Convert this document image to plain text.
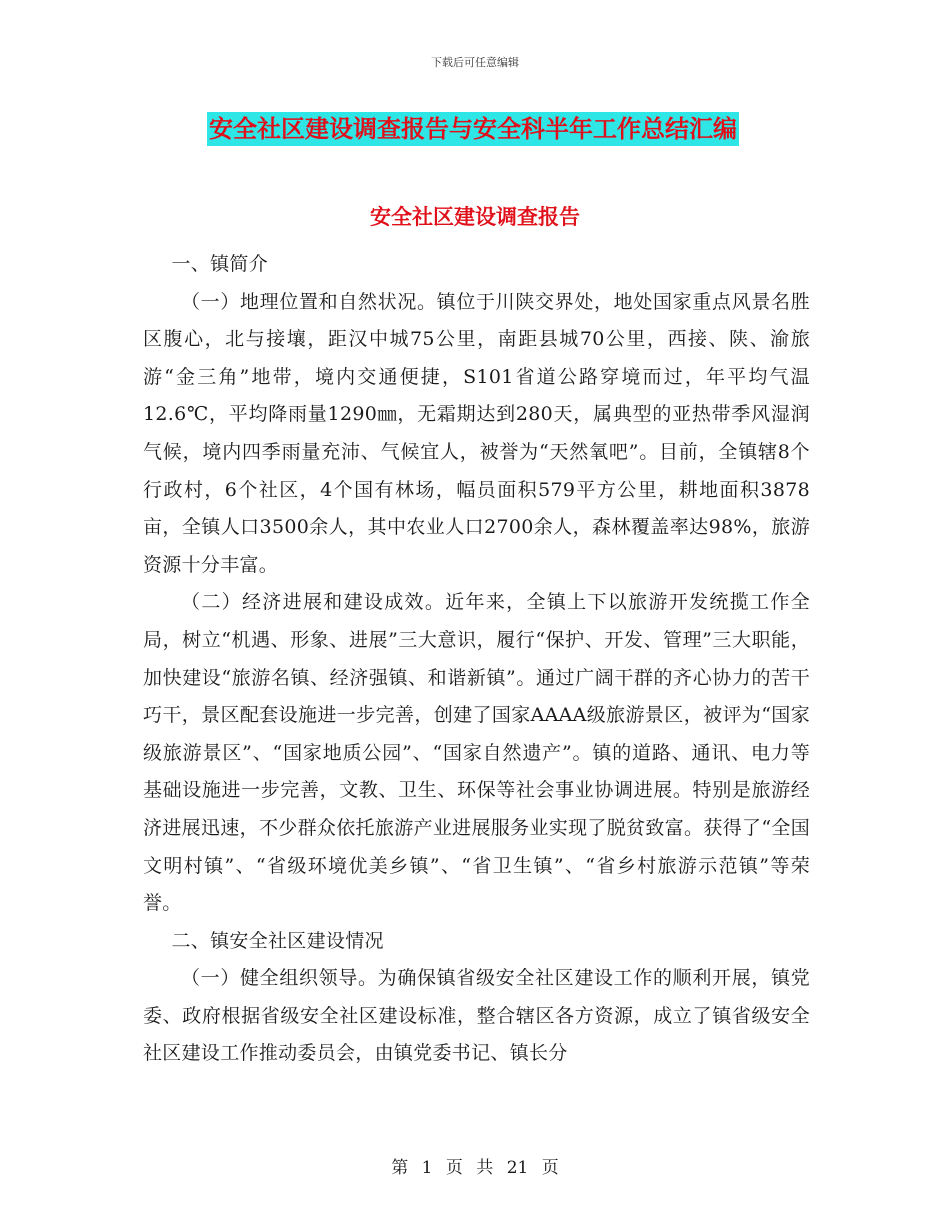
下载后可任意编辑
安全社区建设调查报告与安全科半年工作总结汇编
安全社区建设调查报告

一、镇简介

（一）地理位置和自然状况。镇位于川陕交界处，地处国家重点风景名胜区腹心，北与接壤，距汉中城75公里，南距县城70公里，西接、陕、渝旅游“金三角”地带，境内交通便捷，S101省道公路穿境而过，年平均气温12.6℃，平均降雨量1290㎜，无霜期达到280天，属典型的亚热带季风湿润气候，境内四季雨量充沛、气候宜人，被誉为“天然氧吧”。目前，全镇辖8个行政村，6个社区，4个国有林场，幅员面积579平方公里，耕地面积3878亩，全镇人口3500余人，其中农业人口2700余人，森林覆盖率达98%，旅游资源十分丰富。

（二）经济进展和建设成效。近年来，全镇上下以旅游开发统揽工作全局，树立“机遇、形象、进展”三大意识，履行“保护、开发、管理”三大职能，加快建设“旅游名镇、经济强镇、和谐新镇”。通过广阔干群的齐心协力的苦干巧干，景区配套设施进一步完善，创建了国家AAAA级旅游景区，被评为“国家级旅游景区”、“国家地质公园”、“国家自然遗产”。镇的道路、通讯、电力等基础设施进一步完善，文教、卫生、环保等社会事业协调进展。特别是旅游经济进展迅速，不少群众依托旅游产业进展服务业实现了脱贫致富。获得了“全国文明村镇”、“省级环境优美乡镇”、“省卫生镇”、“省乡村旅游示范镇”等荣誉。

二、镇安全社区建设情况

（一）健全组织领导。为确保镇省级安全社区建设工作的顺利开展，镇党委、政府根据省级安全社区建设标准，整合辖区各方资源，成立了镇省级安全社区建设工作推动委员会，由镇党委书记、镇长分

第 1 页 共 21 页
